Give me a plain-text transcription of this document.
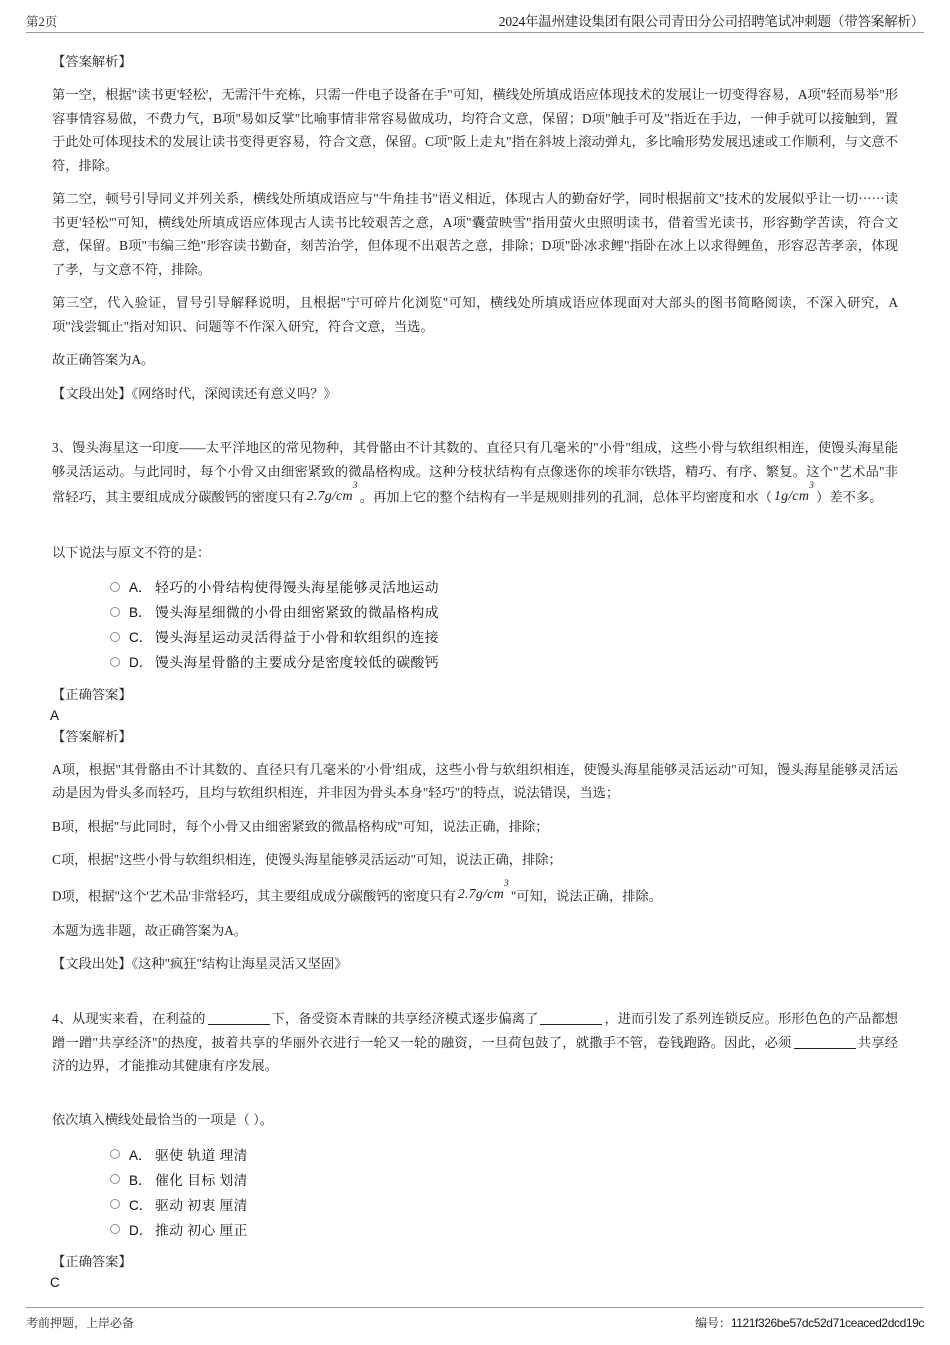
第2页	2024年温州建设集团有限公司青田分公司招聘笔试冲刺题（带答案解析）
【答案解析】

第一空，根据"读书更'轻松'，无需汗牛充栋，只需一件电子设备在手"可知，横线处所填成语应体现技术的发展让一切变得容易，A项"轻而易举"形容事情容易做，不费力气，B项"易如反掌"比喻事情非常容易做成功，均符合文意，保留；D项"触手可及"指近在手边，一伸手就可以接触到，置于此处可体现技术的发展让读书变得更容易，符合文意，保留。C项"阪上走丸"指在斜坡上滚动弹丸，多比喻形势发展迅速或工作顺利，与文意不符，排除。

第二空，顿号引导同义并列关系，横线处所填成语应与"牛角挂书"语义相近，体现古人的勤奋好学，同时根据前文"技术的发展似乎让一切······读书更'轻松'"可知，横线处所填成语应体现古人读书比较艰苦之意，A项"囊萤映雪"指用萤火虫照明读书，借着雪光读书，形容勤学苦读，符合文意，保留。B项"韦编三绝"形容读书勤奋，刻苦治学，但体现不出艰苦之意，排除；D项"卧冰求鲤"指卧在冰上以求得鲤鱼，形容忍苦孝亲，体现了孝，与文意不符，排除。

第三空，代入验证，冒号引导解释说明，且根据"宁可碎片化浏览"可知，横线处所填成语应体现面对大部头的图书简略阅读，不深入研究，A项"浅尝辄止"指对知识、问题等不作深入研究，符合文意，当选。

故正确答案为A。

【文段出处】《网络时代，深阅读还有意义吗？》

3、馒头海星这一印度——太平洋地区的常见物种，其骨骼由不计其数的、直径只有几毫米的"小骨"组成，这些小骨与软组织相连，使馒头海星能够灵活运动。与此同时，每个小骨又由细密紧致的微晶格构成。这种分枝状结构有点像迷你的埃菲尔铁塔，精巧、有序、繁复。这个"艺术品"非常轻巧，其主要组成成分碳酸钙的密度只有 $2.7g/cm^3$。再加上它的整个结构有一半是规则排列的孔洞，总体平均密度和水（ $1g/cm^3$）差不多。

以下说法与原文不符的是：
A． 轻巧的小骨结构使得馒头海星能够灵活地运动
B． 馒头海星细微的小骨由细密紧致的微晶格构成
C． 馒头海星运动灵活得益于小骨和软组织的连接
D． 馒头海星骨骼的主要成分是密度较低的碳酸钙
【正确答案】
A
【答案解析】

A项，根据"其骨骼由不计其数的、直径只有几毫米的'小骨'组成，这些小骨与软组织相连，使馒头海星能够灵活运动"可知，馒头海星能够灵活运动是因为骨头多而轻巧，且均与软组织相连，并非因为骨头本身"轻巧"的特点，说法错误，当选；

B项，根据"与此同时，每个小骨又由细密紧致的微晶格构成"可知，说法正确，排除；

C项，根据"这些小骨与软组织相连，使馒头海星能够灵活运动"可知，说法正确，排除；

D项，根据"这个'艺术品'非常轻巧，其主要组成成分碳酸钙的密度只有 $2.7g/cm^3$"可知，说法正确，排除。

本题为选非题，故正确答案为A。

【文段出处】《这种"疯狂"结构让海星灵活又坚固》

4、从现实来看，在利益的	下，备受资本青睐的共享经济模式逐步偏离了	，进而引发了系列连锁反应。形形色色的产品都想蹭一蹭"共享经济"的热度，披着共享的华丽外衣进行一轮又一轮的融资，一旦荷包鼓了，就撒手不管，卷钱跑路。因此，必须	共享经济的边界，才能推动其健康有序发展。

依次填入横线处最恰当的一项是（ ）。
A． 驱使 轨道 理清
B． 催化 目标 划清
C． 驱动 初衷 厘清
D． 推动 初心 厘正
【正确答案】
C
考前押题，上岸必备	编号：1121f326be57dc52d71ceaced2dcd19c
